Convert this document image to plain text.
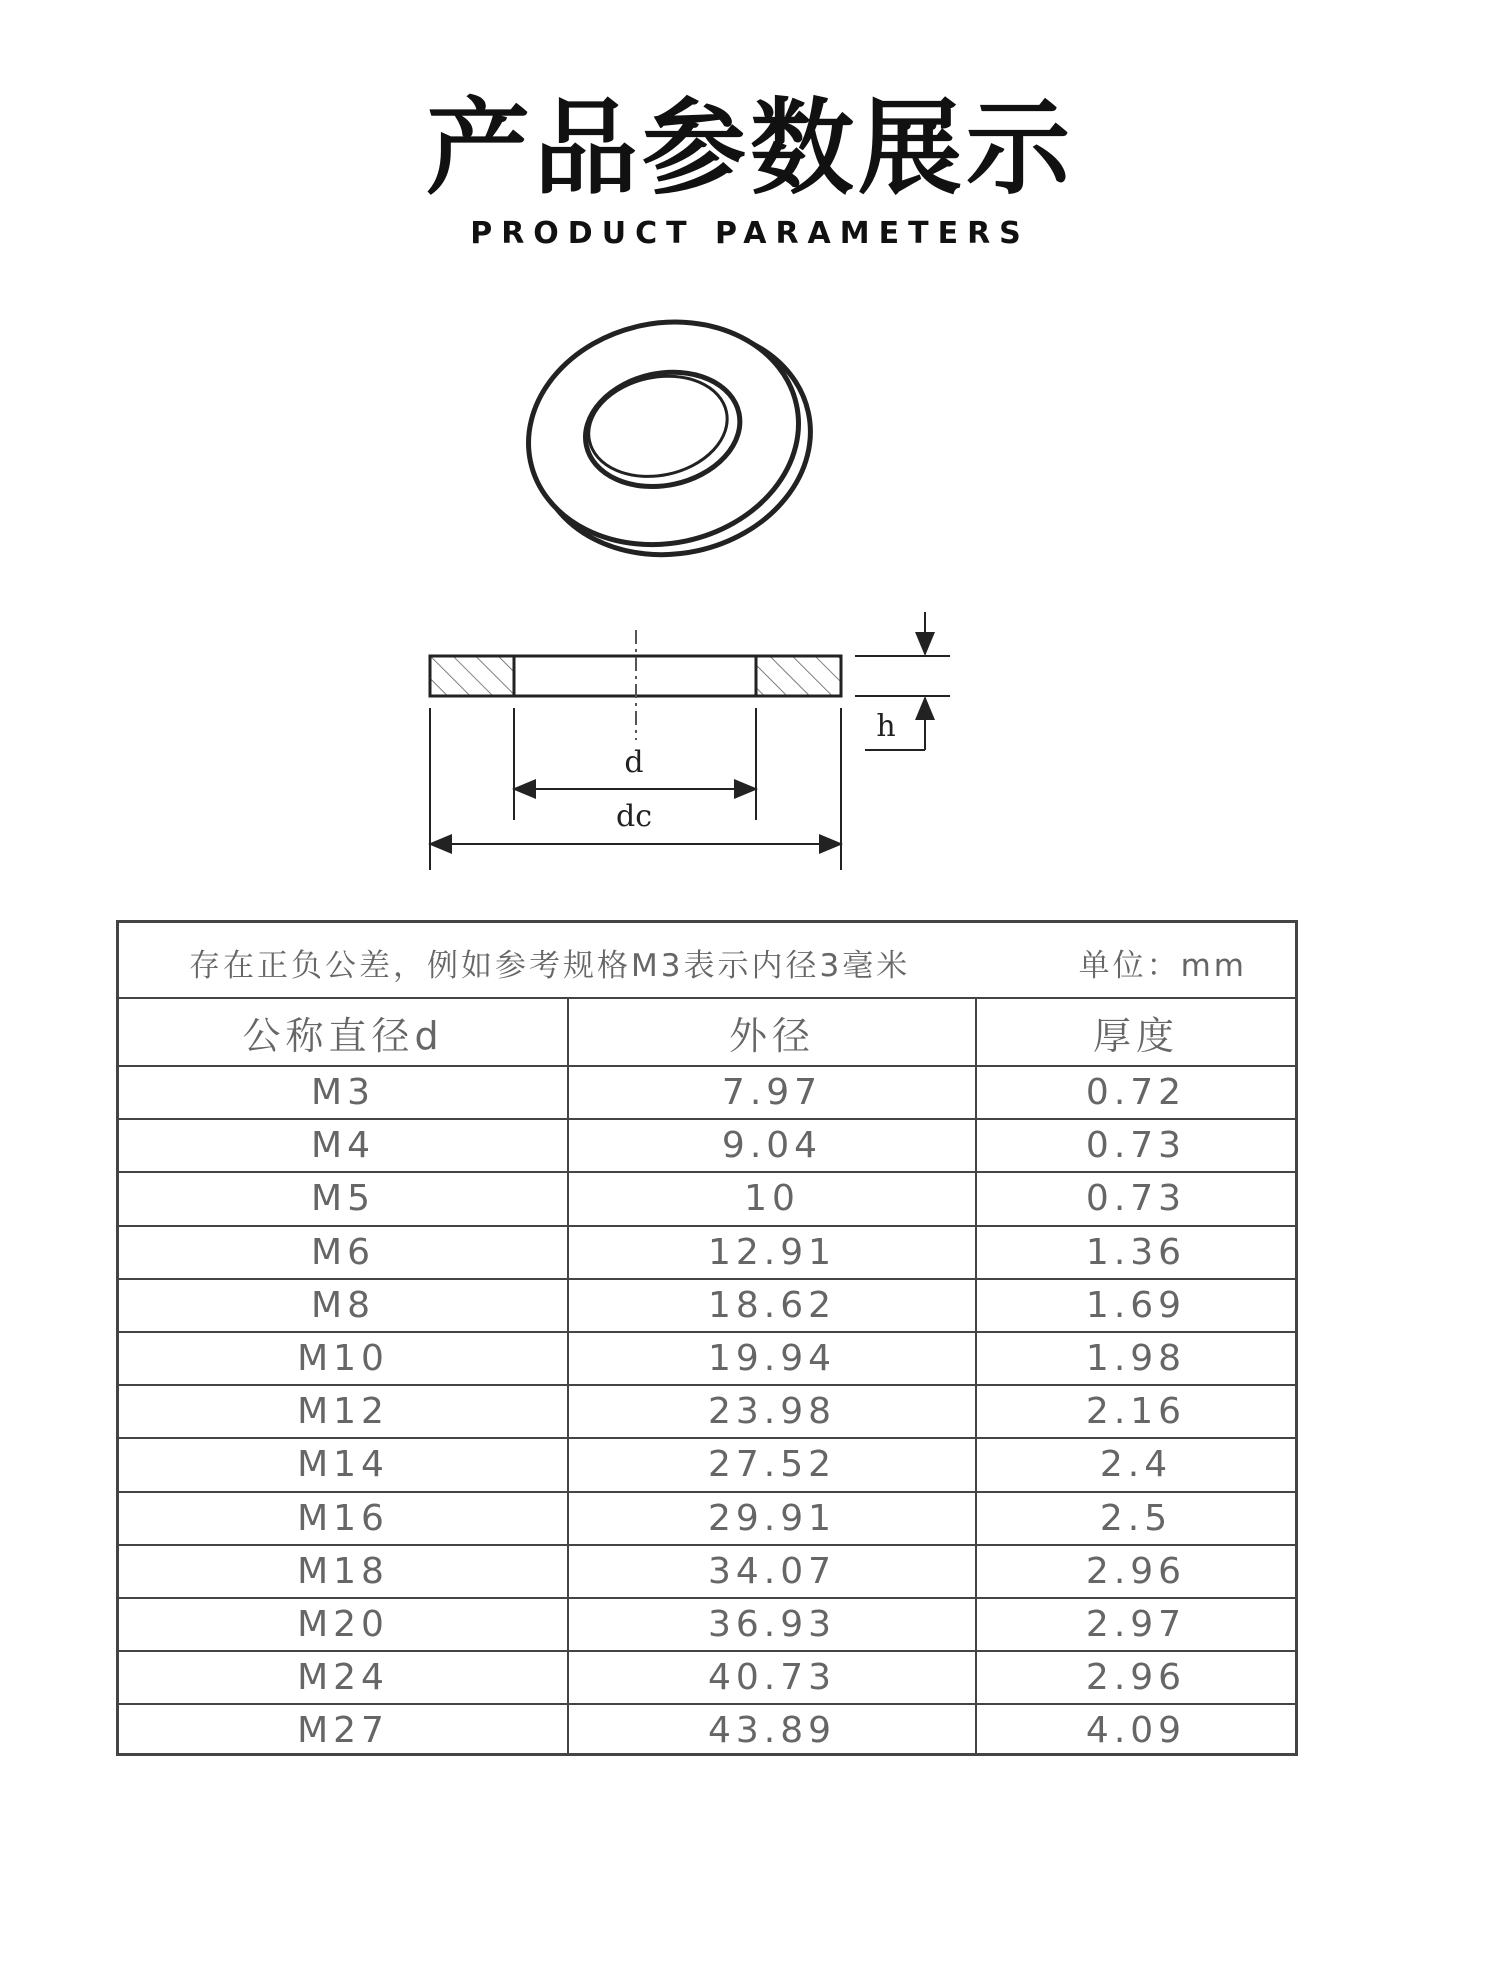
产品参数展示
PRODUCT PARAMETERS
d
dc
h
存在正负公差，例如参考规格M3表示内径3毫米	单位：mm
公称直径d	外径	厚度
M3	7.97	0.72
M4	9.04	0.73
M5	10	0.73
M6	12.91	1.36
M8	18.62	1.69
M10	19.94	1.98
M12	23.98	2.16
M14	27.52	2.4
M16	29.91	2.5
M18	34.07	2.96
M20	36.93	2.97
M24	40.73	2.96
M27	43.89	4.09
